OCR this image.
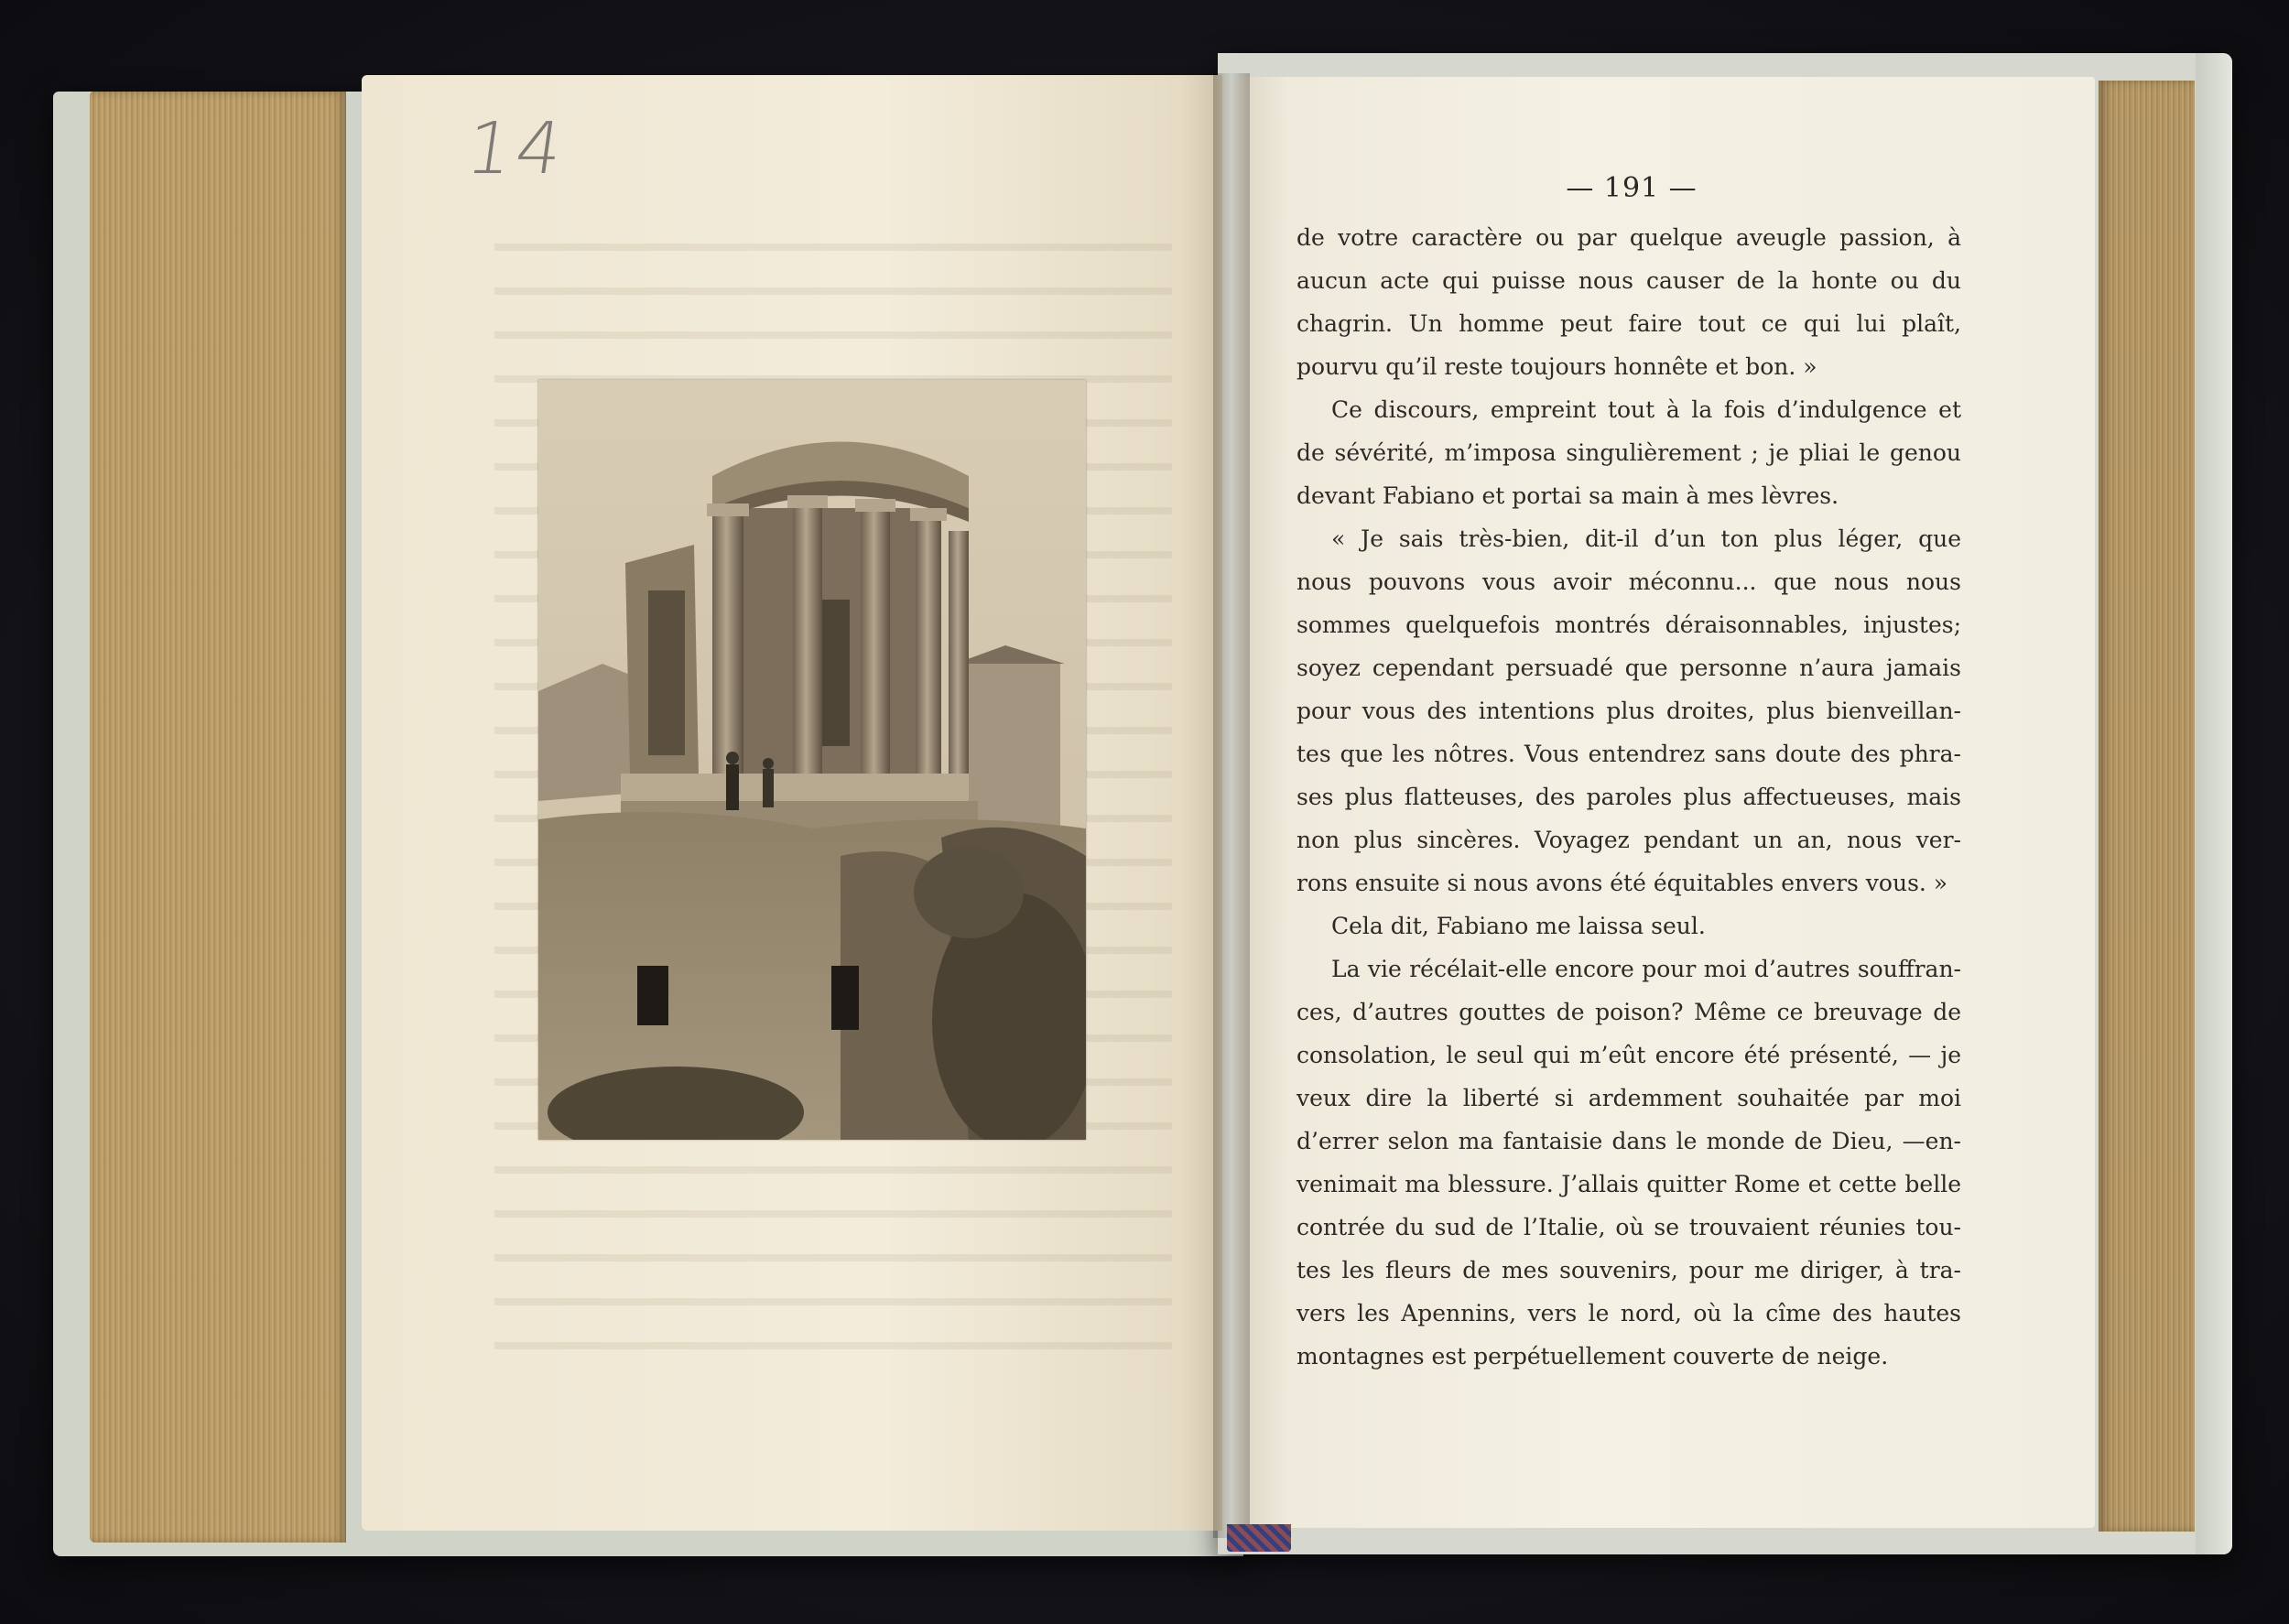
14	— 191 —
de votre caractère ou par quelque aveugle passion, à
aucun acte qui puisse nous causer de la honte ou du
chagrin. Un homme peut faire tout ce qui lui plaît,
pourvu qu’il reste toujours honnête et bon. »
Ce discours, empreint tout à la fois d’indulgence et
de sévérité, m’imposa singulièrement ; je pliai le genou
devant Fabiano et portai sa main à mes lèvres.
« Je sais très-bien, dit-il d’un ton plus léger, que
nous pouvons vous avoir méconnu... que nous nous
sommes quelquefois montrés déraisonnables, injustes;
soyez cependant persuadé que personne n’aura jamais
pour vous des intentions plus droites, plus bienveillan-
tes que les nôtres. Vous entendrez sans doute des phra-
ses plus flatteuses, des paroles plus affectueuses, mais
non plus sincères. Voyagez pendant un an, nous ver-
rons ensuite si nous avons été équitables envers vous. »
Cela dit, Fabiano me laissa seul.
La vie récélait-elle encore pour moi d’autres souffran-
ces, d’autres gouttes de poison? Même ce breuvage de
consolation, le seul qui m’eût encore été présenté, — je
veux dire la liberté si ardemment souhaitée par moi
d’errer selon ma fantaisie dans le monde de Dieu, —en-
venimait ma blessure. J’allais quitter Rome et cette belle
contrée du sud de l’Italie, où se trouvaient réunies tou-
tes les fleurs de mes souvenirs, pour me diriger, à tra-
vers les Apennins, vers le nord, où la cîme des hautes
montagnes est perpétuellement couverte de neige.
